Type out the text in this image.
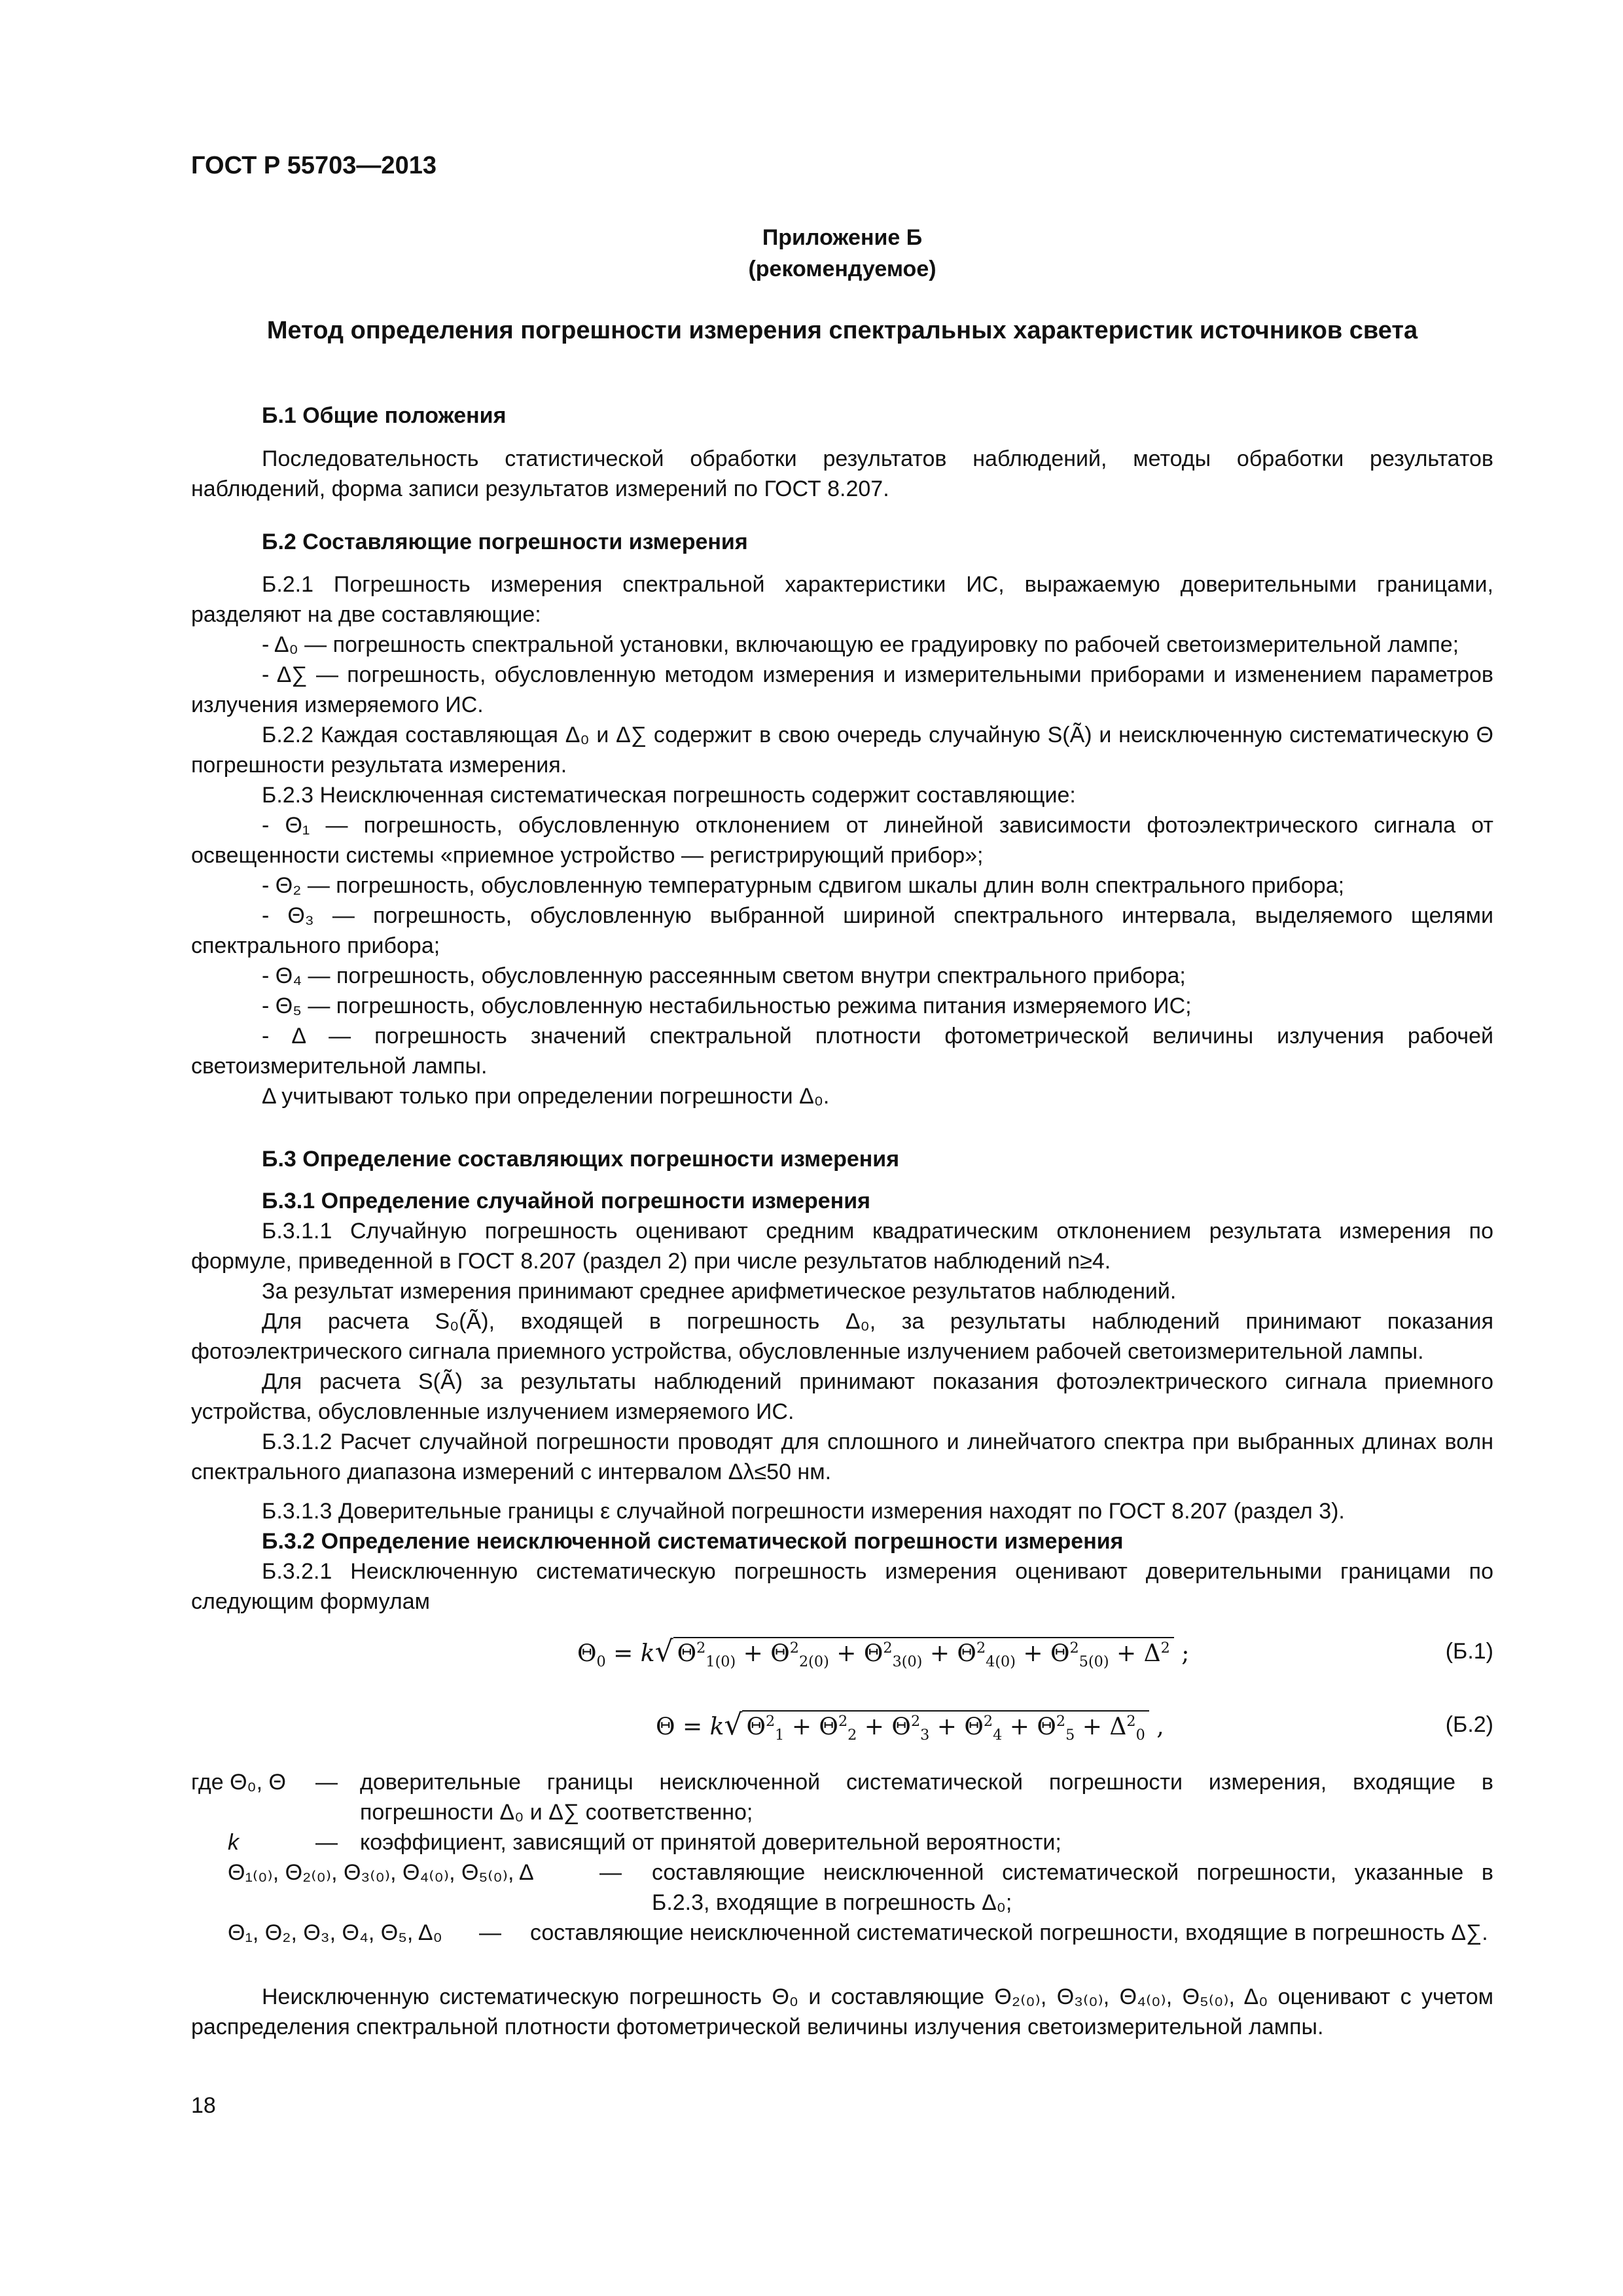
ГОСТ Р 55703—2013
Приложение Б
(рекомендуемое)
Метод определения погрешности измерения спектральных характеристик источников света
Б.1 Общие положения

Последовательность статистической обработки результатов наблюдений, методы обработки результатов наблюдений, форма записи результатов измерений по ГОСТ 8.207.

Б.2 Составляющие погрешности измерения

Б.2.1 Погрешность измерения спектральной характеристики ИС, выражаемую доверительными границами, разделяют на две составляющие:

- Δ₀ — погрешность спектральной установки, включающую ее градуировку по рабочей светоизмерительной лампе;

- Δ∑ — погрешность, обусловленную методом измерения и измерительными приборами и изменением параметров излучения измеряемого ИС.

Б.2.2 Каждая составляющая Δ₀ и Δ∑ содержит в свою очередь случайную S(Ã) и неисключенную систематическую Θ погрешности результата измерения.

Б.2.3 Неисключенная систематическая погрешность содержит составляющие:

- Θ₁ — погрешность, обусловленную отклонением от линейной зависимости фотоэлектрического сигнала от освещенности системы «приемное устройство — регистрирующий прибор»;

- Θ₂ — погрешность, обусловленную температурным сдвигом шкалы длин волн спектрального прибора;

- Θ₃ — погрешность, обусловленную выбранной шириной спектрального интервала, выделяемого щелями спектрального прибора;

- Θ₄ — погрешность, обусловленную рассеянным светом внутри спектрального прибора;

- Θ₅ — погрешность, обусловленную нестабильностью режима питания измеряемого ИС;

- Δ — погрешность значений спектральной плотности фотометрической величины излучения рабочей светоизмерительной лампы.

Δ учитывают только при определении погрешности Δ₀.

Б.3 Определение составляющих погрешности измерения
Б.3.1 Определение случайной погрешности измерения

Б.3.1.1 Случайную погрешность оценивают средним квадратическим отклонением результата измерения по формуле, приведенной в ГОСТ 8.207 (раздел 2) при числе результатов наблюдений n≥4.

За результат измерения принимают среднее арифметическое результатов наблюдений.

Для расчета S₀(Ã), входящей в погрешность Δ₀, за результаты наблюдений принимают показания фотоэлектрического сигнала приемного устройства, обусловленные излучением рабочей светоизмерительной лампы.

Для расчета S(Ã) за результаты наблюдений принимают показания фотоэлектрического сигнала приемного устройства, обусловленные излучением измеряемого ИС.

Б.3.1.2 Расчет случайной погрешности проводят для сплошного и линейчатого спектра при выбранных длинах волн спектрального диапазона измерений с интервалом Δλ≤50 нм.

Б.3.1.3 Доверительные границы ε случайной погрешности измерения находят по ГОСТ 8.207 (раздел 3).

Б.3.2 Определение неисключенной систематической погрешности измерения

Б.3.2.1 Неисключенную систематическую погрешность измерения оценивают доверительными границами по следующим формулам

$\Theta_0 = k√$ $\Theta^2_{1(0)} + \Theta^2_{2(0)} + \Theta^2_{3(0)} + \Theta^2_{4(0)} + \Theta^2_{5(0)} + \Delta^2$ ;	(Б.1)
Θ = k√ $\Theta^2_1 + \Theta^2_2 + \Theta^2_3 + \Theta^2_4 + \Theta^2_5 + \Delta^2_0$ ,	(Б.2)
где Θ₀, Θ	— доверительные границы неисключенной систематической погрешности измерения, входящие в погрешности Δ₀ и Δ∑ соответственно;
k	— коэффициент, зависящий от принятой доверительной вероятности;
Θ₁₍₀₎, Θ₂₍₀₎, Θ₃₍₀₎, Θ₄₍₀₎, Θ₅₍₀₎, Δ	— составляющие неисключенной систематической погрешности, указанные в Б.2.3, входящие в погрешность Δ₀;
Θ₁, Θ₂, Θ₃, Θ₄, Θ₅, Δ₀ — составляющие неисключенной систематической погрешности, входящие в погрешность Δ∑.

Неисключенную систематическую погрешность Θ₀ и составляющие Θ₂₍₀₎, Θ₃₍₀₎, Θ₄₍₀₎, Θ₅₍₀₎, Δ₀ оценивают с учетом распределения спектральной плотности фотометрической величины излучения светоизмерительной лампы.

18
